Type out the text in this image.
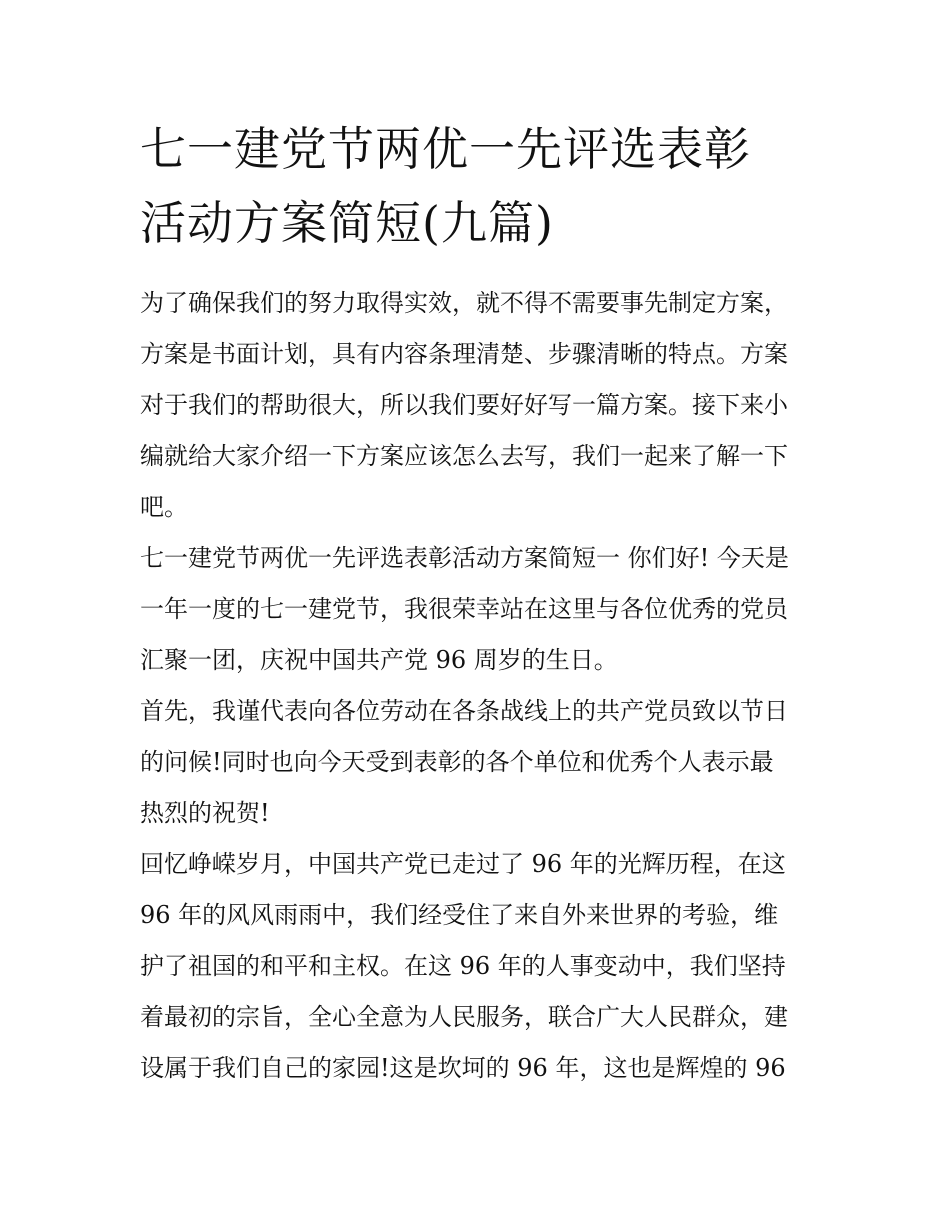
七一建党节两优一先评选表彰
活动方案简短(九篇)
为了确保我们的努力取得实效，就不得不需要事先制定方案，
方案是书面计划，具有内容条理清楚、步骤清晰的特点。方案
对于我们的帮助很大，所以我们要好好写一篇方案。接下来小
编就给大家介绍一下方案应该怎么去写，我们一起来了解一下
吧。
七一建党节两优一先评选表彰活动方案简短一 你们好! 今天是
一年一度的七一建党节，我很荣幸站在这里与各位优秀的党员
汇聚一团，庆祝中国共产党 96 周岁的生日。
首先，我谨代表向各位劳动在各条战线上的共产党员致以节日
的问候!同时也向今天受到表彰的各个单位和优秀个人表示最
热烈的祝贺!
回忆峥嵘岁月，中国共产党已走过了 96 年的光辉历程，在这
96 年的风风雨雨中，我们经受住了来自外来世界的考验，维
护了祖国的和平和主权。在这 96 年的人事变动中，我们坚持
着最初的宗旨，全心全意为人民服务，联合广大人民群众，建
设属于我们自己的家园!这是坎坷的 96 年，这也是辉煌的 96
